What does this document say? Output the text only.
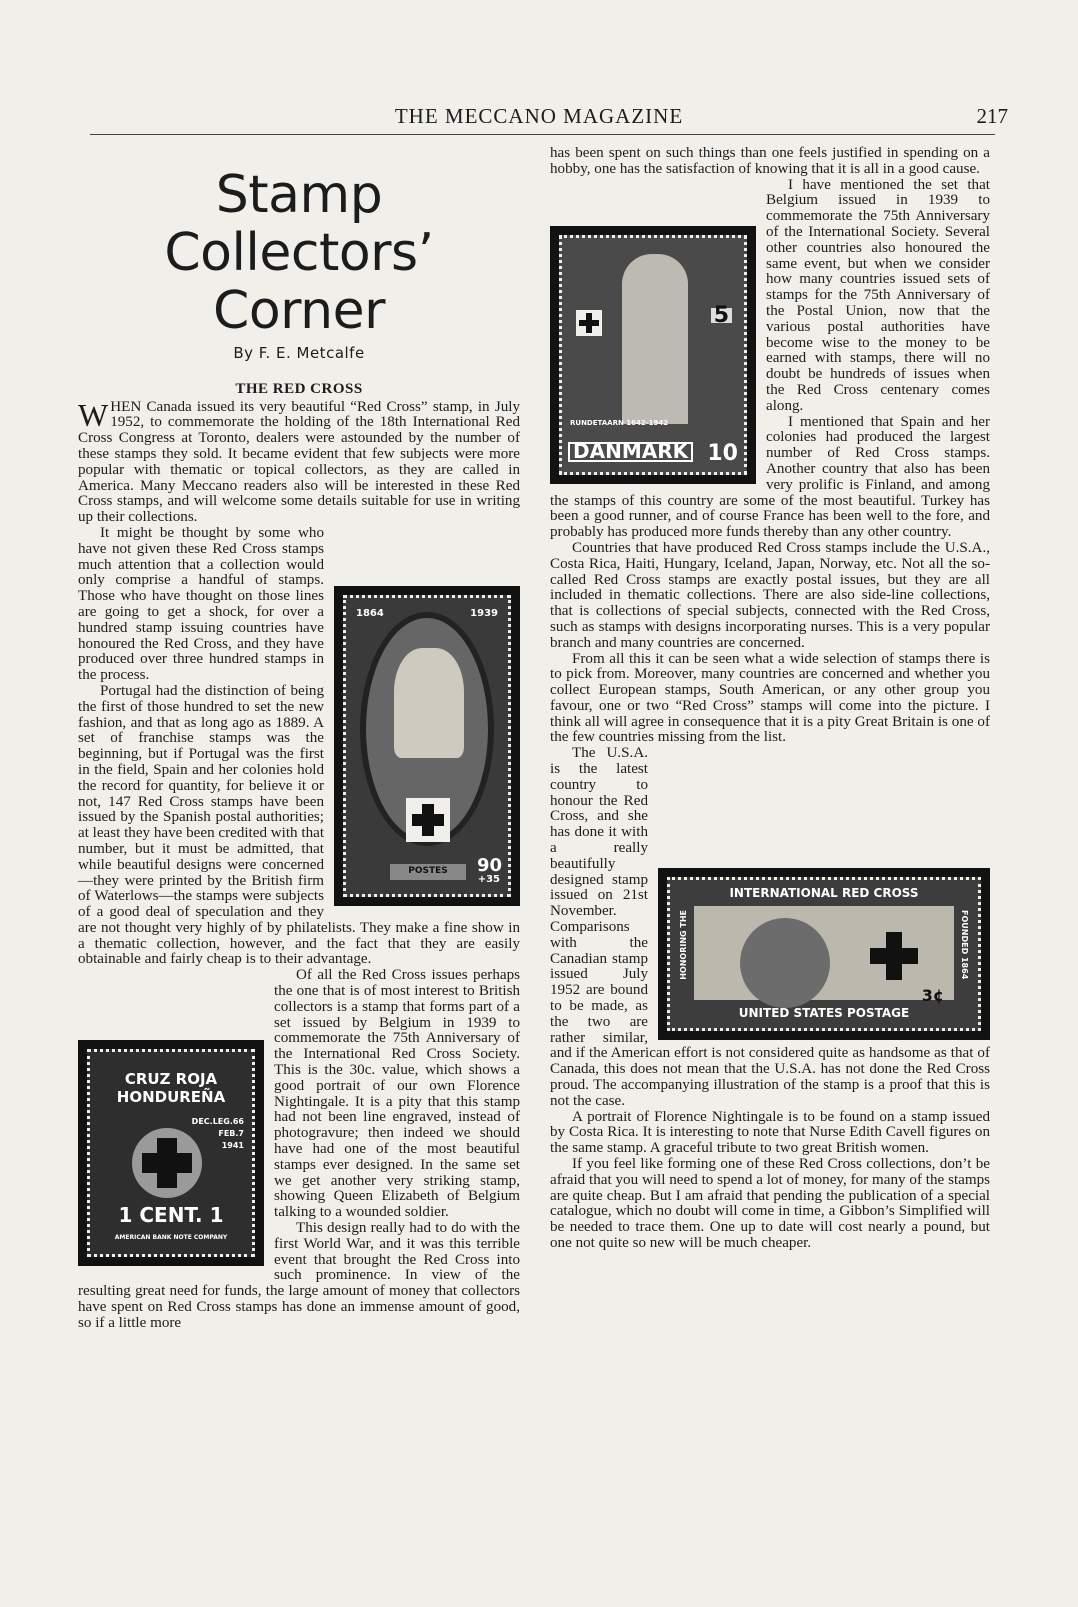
THE MECCANO MAGAZINE	217
Stamp Collectors’
Corner
By F. E. Metcalfe
THE RED CROSS

WHEN Canada issued its very beautiful “Red Cross” stamp, in July 1952, to commemorate the holding of the 18th International Red Cross Congress at Toronto, dealers were astounded by the number of these stamps they sold. It became evident that few subjects were more popular with thematic or topical collectors, as they are called in America. Many Meccano readers also will be interested in these Red Cross stamps, and will welcome some details suitable for use in writing up their collections.

1864	1939
POSTES	90
+35

It might be thought by some who have not given these Red Cross stamps much attention that a collection would only comprise a handful of stamps. Those who have thought on those lines are going to get a shock, for over a hundred stamp issuing countries have honoured the Red Cross, and they have produced over three hundred stamps in the process.

Portugal had the distinction of being the first of those hundred to set the new fashion, and that as long ago as 1889. A set of franchise stamps was the beginning, but if Portugal was the first in the field, Spain and her colonies hold the record for quantity, for believe it or not, 147 Red Cross stamps have been issued by the Spanish postal authorities; at least they have been credited with that number, but it must be admitted, that while beautiful designs were concerned—they were printed by the British firm of Waterlows—the stamps were subjects of a good deal of speculation and they are not thought very highly of by philatelists. They make a fine show in a thematic collection, however, and the fact that they are easily obtainable and fairly cheap is to their advantage.

CRUZ ROJA
HONDUREÑA
DEC.LEG.66
FEB.7
1941
1 CENT. 1
AMERICAN BANK NOTE COMPANY

Of all the Red Cross issues perhaps the one that is of most interest to British collectors is a stamp that forms part of a set issued by Belgium in 1939 to commemorate the 75th Anniversary of the International Red Cross Society. This is the 30c. value, which shows a good portrait of our own Florence Nightingale. It is a pity that this stamp had not been line engraved, instead of photogravure; then indeed we should have had one of the most beautiful stamps ever designed. In the same set we get another very striking stamp, showing Queen Elizabeth of Belgium talking to a wounded soldier.

This design really had to do with the first World War, and it was this terrible event that brought the Red Cross into such prominence. In view of the resulting great need for funds, the large amount of money that collectors have spent on Red Cross stamps has done an immense amount of good, so if a little more

has been spent on such things than one feels justified in spending on a hobby, one has the satisfaction of knowing that it is all in a good cause.

5
RUNDETAARN 1642-1942
DANMARK 10

I have mentioned the set that Belgium issued in 1939 to commemorate the 75th Anniversary of the International Society. Several other countries also honoured the same event, but when we consider how many countries issued sets of stamps for the 75th Anniversary of the Postal Union, now that the various postal authorities have become wise to the money to be earned with stamps, there will no doubt be hundreds of issues when the Red Cross centenary comes along.

I mentioned that Spain and her colonies had produced the largest number of Red Cross stamps. Another country that also has been very prolific is Finland, and among the stamps of this country are some of the most beautiful. Turkey has been a good runner, and of course France has been well to the fore, and probably has produced more funds thereby than any other country.

Countries that have produced Red Cross stamps include the U.S.A., Costa Rica, Haiti, Hungary, Iceland, Japan, Norway, etc. Not all the so-called Red Cross stamps are exactly postal issues, but they are all included in thematic collections. There are also side-line collections, that is collections of special subjects, connected with the Red Cross, such as stamps with designs incorporating nurses. This is a very popular branch and many countries are concerned.

From all this it can be seen what a wide selection of stamps there is to pick from. Moreover, many countries are concerned and whether you collect European stamps, South American, or any other group you favour, one or two “Red Cross” stamps will come into the picture. I think all will agree in consequence that it is a pity Great Britain is one of the few countries missing from the list.

INTERNATIONAL RED CROSS
HONORING THE	FOUNDED 1864
3¢
UNITED STATES POSTAGE

The U.S.A. is the latest country to honour the Red Cross, and she has done it with a really beautifully designed stamp issued on 21st November. Comparisons with the Canadian stamp issued July 1952 are bound to be made, as the two are rather similar, and if the American effort is not considered quite as handsome as that of Canada, this does not mean that the U.S.A. has not done the Red Cross proud. The accompanying illustration of the stamp is a proof that this is not the case.

A portrait of Florence Nightingale is to be found on a stamp issued by Costa Rica. It is interesting to note that Nurse Edith Cavell figures on the same stamp. A graceful tribute to two great British women.

If you feel like forming one of these Red Cross collections, don’t be afraid that you will need to spend a lot of money, for many of the stamps are quite cheap. But I am afraid that pending the publication of a special catalogue, which no doubt will come in time, a Gibbon’s Simplified will be needed to trace them. One up to date will cost nearly a pound, but one not quite so new will be much cheaper.
